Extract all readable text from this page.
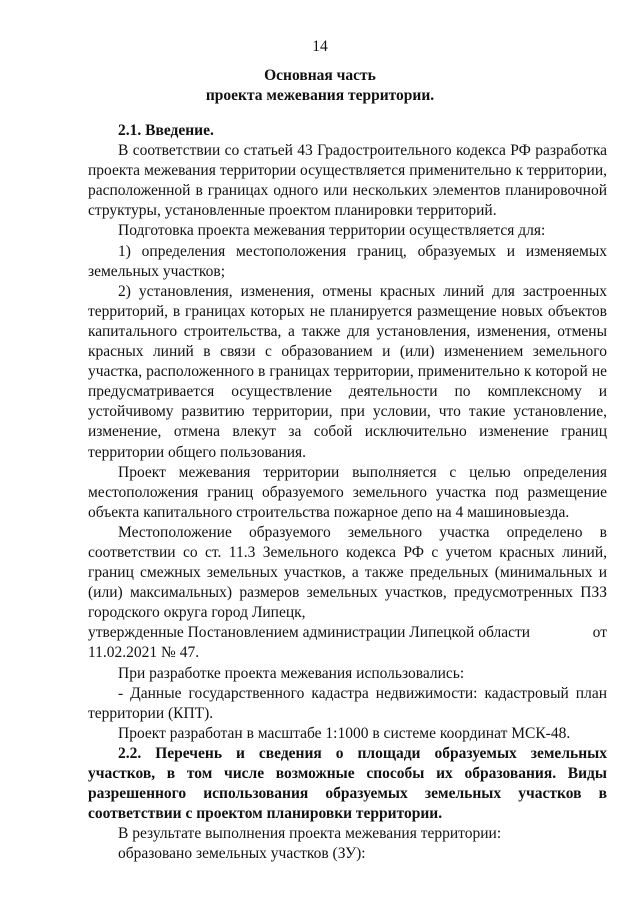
14
Основная часть
проекта межевания территории.

2.1. Введение.

В соответствии со статьей 43 Градостроительного кодекса РФ разработка проекта межевания территории осуществляется применительно к территории, расположенной в границах одного или нескольких элементов планировочной структуры, установленные проектом планировки территорий.

Подготовка проекта межевания территории осуществляется для:

1) определения местоположения границ, образуемых и изменяемых земельных участков;

2) установления, изменения, отмены красных линий для застроенных территорий, в границах которых не планируется размещение новых объектов капитального строительства, а также для установления, изменения, отмены красных линий в связи с образованием и (или) изменением земельного участка, расположенного в границах территории, применительно к которой не предусматривается осуществление деятельности по комплексному и устойчивому развитию территории, при условии, что такие установление, изменение, отмена влекут за собой исключительно изменение границ территории общего пользования.

Проект межевания территории выполняется с целью определения местоположения границ образуемого земельного участка под размещение объекта капитального строительства пожарное депо на 4 машиновыезда.

Местоположение образуемого земельного участка определено в соответствии со ст. 11.3 Земельного кодекса РФ с учетом красных линий, границ смежных земельных участков, а также предельных (минимальных и (или) максимальных) размеров земельных участков, предусмотренных ПЗЗ городского округа город Липецк,

утвержденные Постановлением администрации Липецкой области	от

11.02.2021 № 47.

При разработке проекта межевания использовались:

- Данные государственного кадастра недвижимости: кадастровый план территории (КПТ).

Проект разработан в масштабе 1:1000 в системе координат МСК-48.

2.2. Перечень и сведения о площади образуемых земельных участков, в том числе возможные способы их образования. Виды разрешенного использования образуемых земельных участков в соответствии с проектом планировки территории.

В результате выполнения проекта межевания территории:

образовано земельных участков (ЗУ):
